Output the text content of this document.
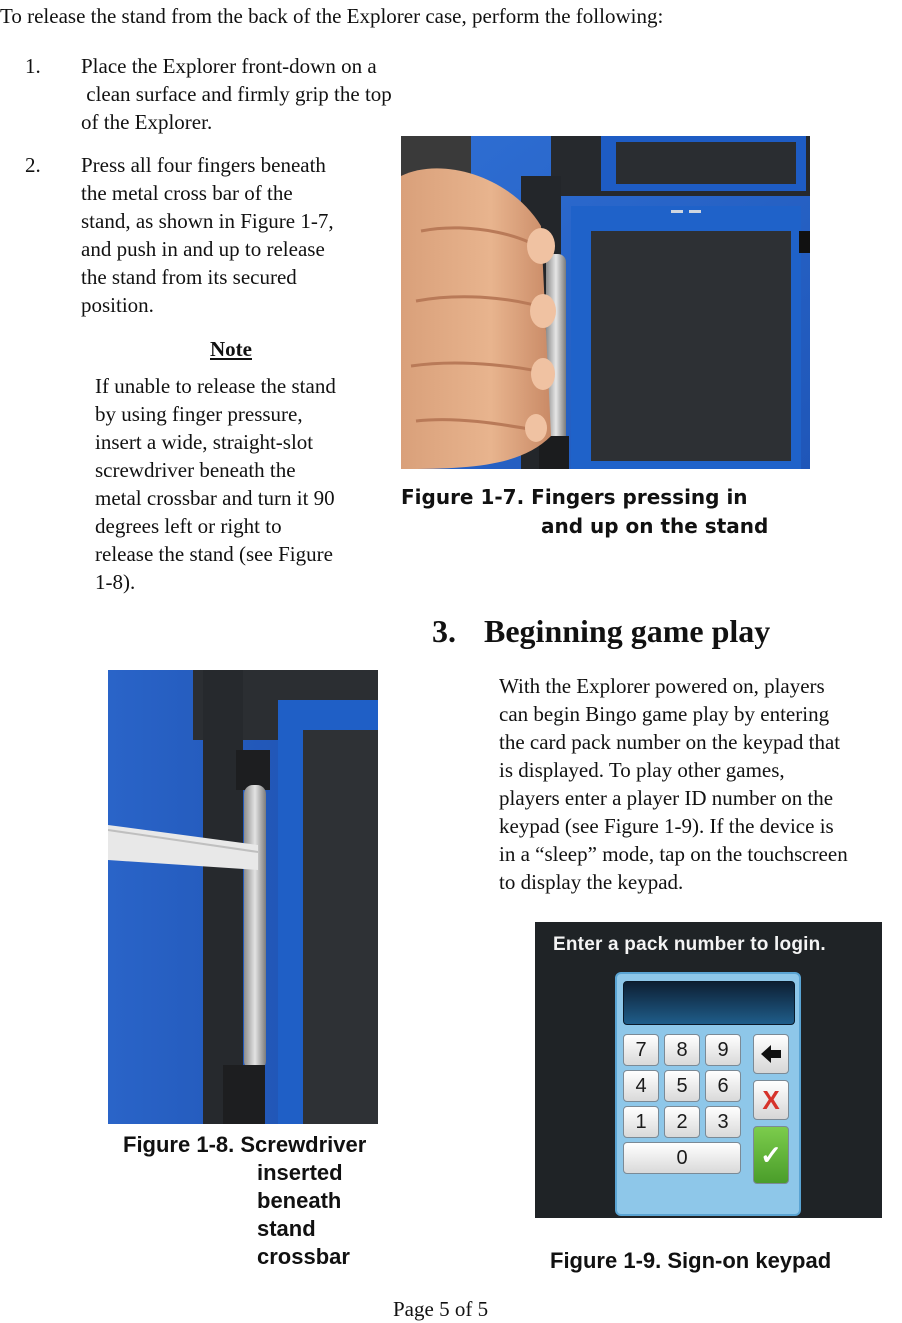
To release the stand from the back of the Explorer case, perform the following:
1. Place the Explorer front-down on a
clean surface and firmly grip the top
of the Explorer.
2. Press all four fingers beneath
the metal cross bar of the
stand, as shown in Figure 1-7,
and push in and up to release
the stand from its secured
position.
Note
If unable to release the stand
by using finger pressure,
insert a wide, straight-slot
screwdriver beneath the
metal crossbar and turn it 90
degrees left or right to
release the stand (see Figure
1-8).
Figure 1-7. Fingers pressing in
and up on the stand
3. Beginning game play
With the Explorer powered on, players
can begin Bingo game play by entering
the card pack number on the keypad that
is displayed. To play other games,
players enter a player ID number on the
keypad (see Figure 1-9). If the device is
in a “sleep” mode, tap on the touchscreen
to display the keypad.
Figure 1-8. Screwdriver
inserted
beneath
stand
crossbar
Enter a pack number to login.
7	8	9
4	5	6
1	2	3
0
X
✓
Figure 1-9. Sign-on keypad
Page 5 of 5
